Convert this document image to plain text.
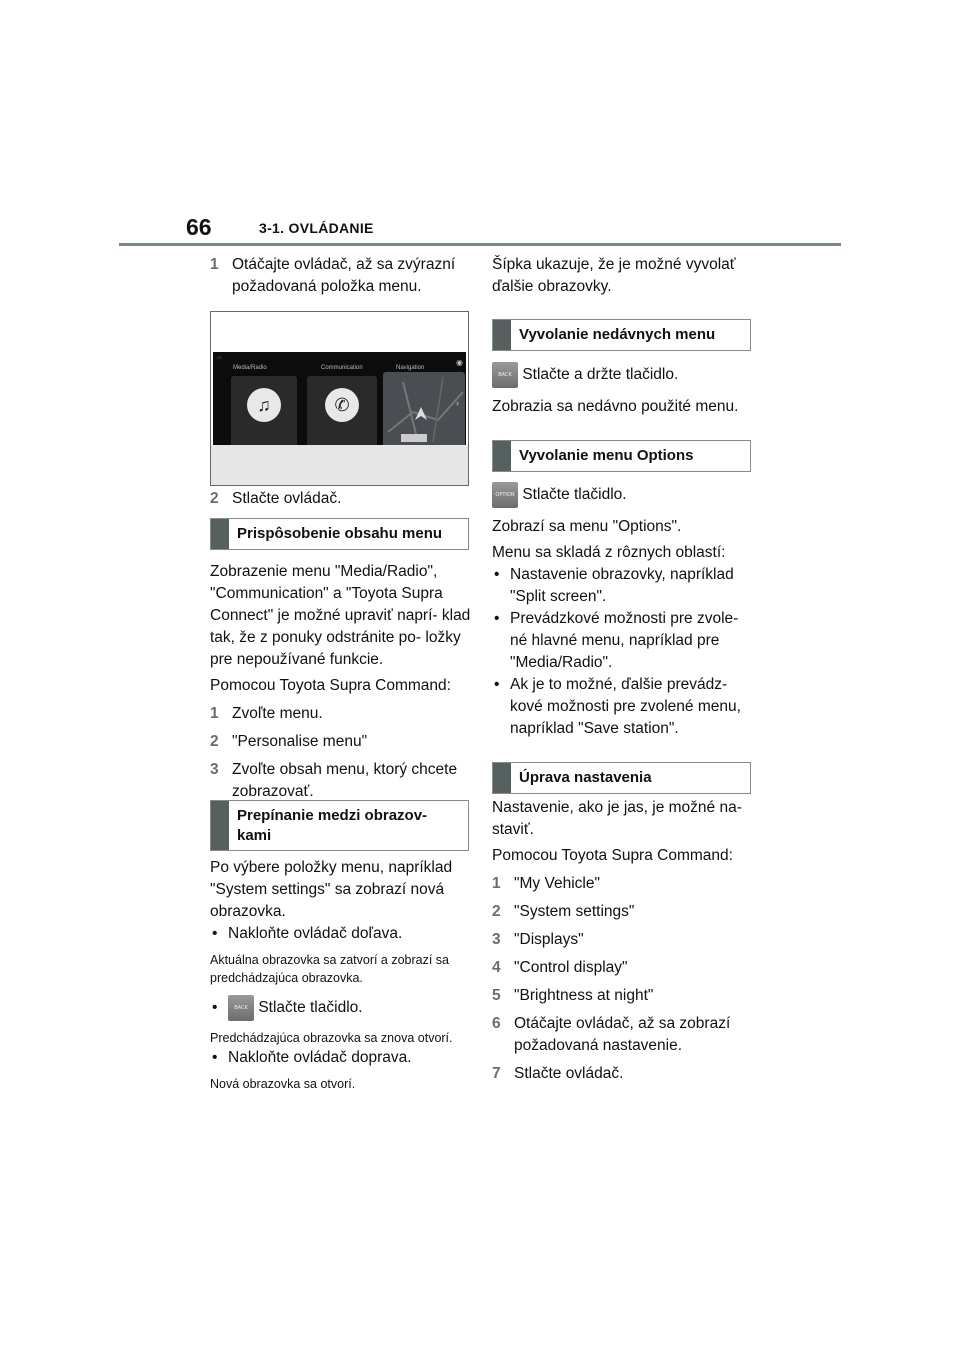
66	3-1. OVLÁDANIE
1 Otáčajte ovládač, až sa zvýrazní požadovaná položka menu.
▭
Media/Radio	Communication	Navigation
♫	✆
◉
›
2 Stlačte ovládač.
Prispôsobenie obsahu menu

Zobrazenie menu "Media/Radio", "Communication" a "Toyota Supra Connect" je možné upraviť naprí- klad tak, že z ponuky odstránite po- ložky pre nepoužívané funkcie.

Pomocou Toyota Supra Command:

1 Zvoľte menu.
2 "Personalise menu"
3 Zvoľte obsah menu, ktorý chcete zobrazovať.
Prepínanie medzi obrazov- kami

Po výbere položky menu, napríklad "System settings" sa zobrazí nová obrazovka.

• Nakloňte ovládač doľava.

Aktuálna obrazovka sa zatvorí a zobrazí sa predchádzajúca obrazovka.

•	BACK Stlačte tlačidlo.

Predchádzajúca obrazovka sa znova otvorí.

• Nakloňte ovládač doprava.

Nová obrazovka sa otvorí.

Šípka ukazuje, že je možné vyvolať ďalšie obrazovky.

Vyvolanie nedávnych menu
BACK Stlačte a držte tlačidlo.

Zobrazia sa nedávno použité menu.

Vyvolanie menu Options
OPTION Stlačte tlačidlo.

Zobrazí sa menu "Options".

Menu sa skladá z rôznych oblastí:

• Nastavenie obrazovky, napríklad "Split screen".
• Prevádzkové možnosti pre zvole- né hlavné menu, napríklad pre "Media/Radio".
• Ak je to možné, ďalšie prevádz- kové možnosti pre zvolené menu, napríklad "Save station".
Úprava nastavenia

Nastavenie, ako je jas, je možné na- staviť.

Pomocou Toyota Supra Command:

1 "My Vehicle"
2 "System settings"
3 "Displays"
4 "Control display"
5 "Brightness at night"
6 Otáčajte ovládač, až sa zobrazí požadovaná nastavenie.
7 Stlačte ovládač.
